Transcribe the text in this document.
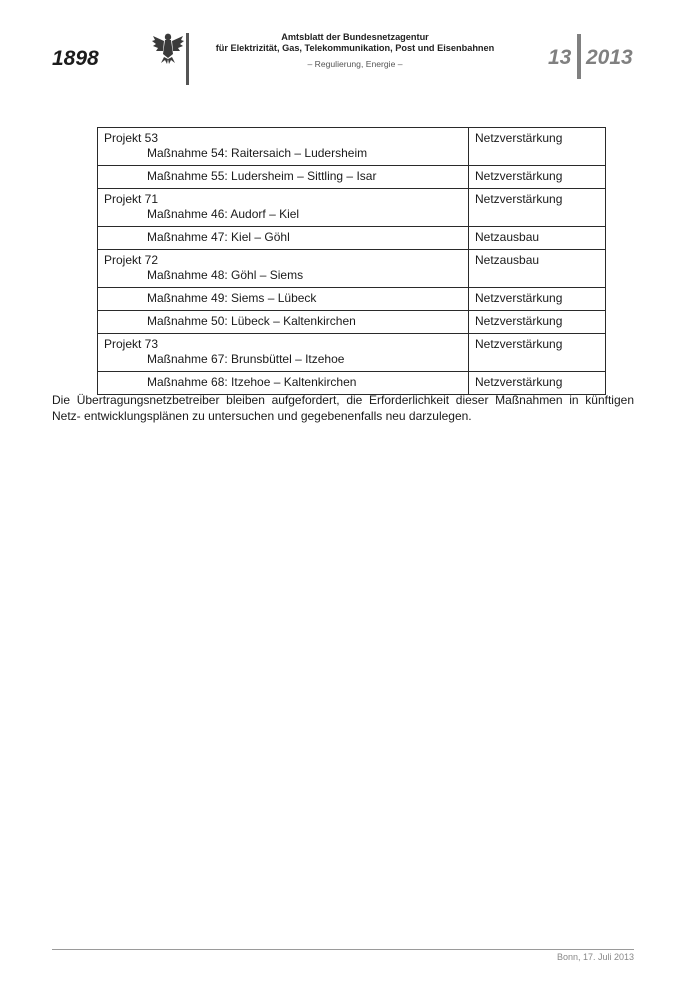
1898
Amtsblatt der Bundesnetzagentur
für Elektrizität, Gas, Telekommunikation, Post und Eisenbahnen
– Regulierung, Energie –	13 2013
Projekt 53
Maßnahme 54: Raitersaich – Ludersheim	Netzverstärkung

Maßnahme 55: Ludersheim – Sittling – Isar	Netzverstärkung

Projekt 71
Maßnahme 46: Audorf – Kiel	Netzverstärkung

Maßnahme 47: Kiel – Göhl	Netzausbau

Projekt 72
Maßnahme 48: Göhl – Siems	Netzausbau

Maßnahme 49: Siems – Lübeck	Netzverstärkung

Maßnahme 50: Lübeck – Kaltenkirchen	Netzverstärkung

Projekt 73
Maßnahme 67: Brunsbüttel – Itzehoe	Netzverstärkung

Maßnahme 68: Itzehoe – Kaltenkirchen	Netzverstärkung
Die Übertragungsnetzbetreiber bleiben aufgefordert, die Erforderlichkeit dieser Maßnahmen in künftigen Netz- entwicklungsplänen zu untersuchen und gegebenenfalls neu darzulegen.
Bonn, 17. Juli 2013
